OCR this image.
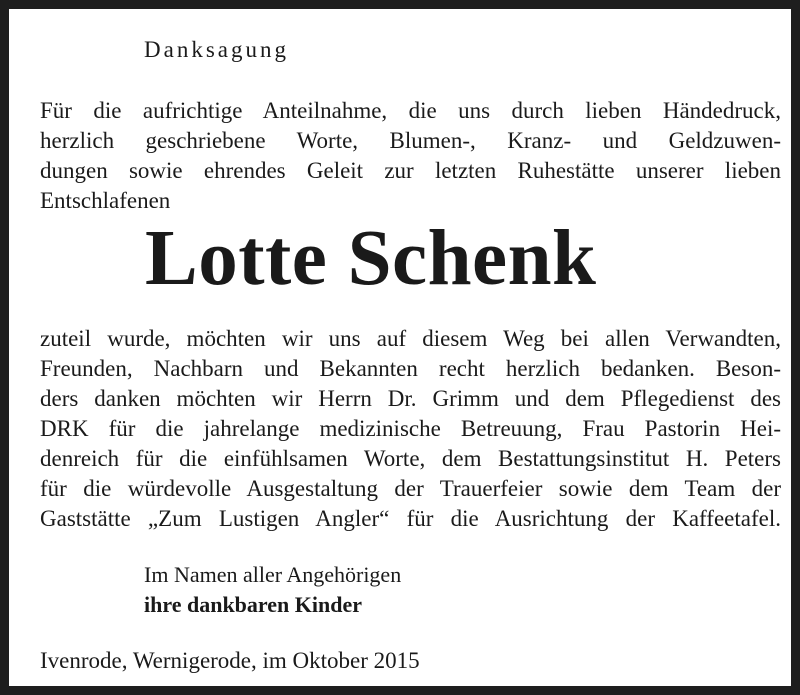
Danksagung
Für die aufrichtige Anteilnahme, die uns durch lieben Händedruck,
herzlich geschriebene Worte, Blumen-, Kranz- und Geldzuwen-
dungen sowie ehrendes Geleit zur letzten Ruhestätte unserer lieben
Entschlafenen
Lotte Schenk
zuteil wurde, möchten wir uns auf diesem Weg bei allen Verwandten,
Freunden, Nachbarn und Bekannten recht herzlich bedanken. Beson-
ders danken möchten wir Herrn Dr. Grimm und dem Pflegedienst des
DRK für die jahrelange medizinische Betreuung, Frau Pastorin Hei-
denreich für die einfühlsamen Worte, dem Bestattungsinstitut H. Peters
für die würdevolle Ausgestaltung der Trauerfeier sowie dem Team der
Gaststätte „Zum Lustigen Angler“ für die Ausrichtung der Kaffeetafel.
Im Namen aller Angehörigen
ihre dankbaren Kinder
Ivenrode, Wernigerode, im Oktober 2015
